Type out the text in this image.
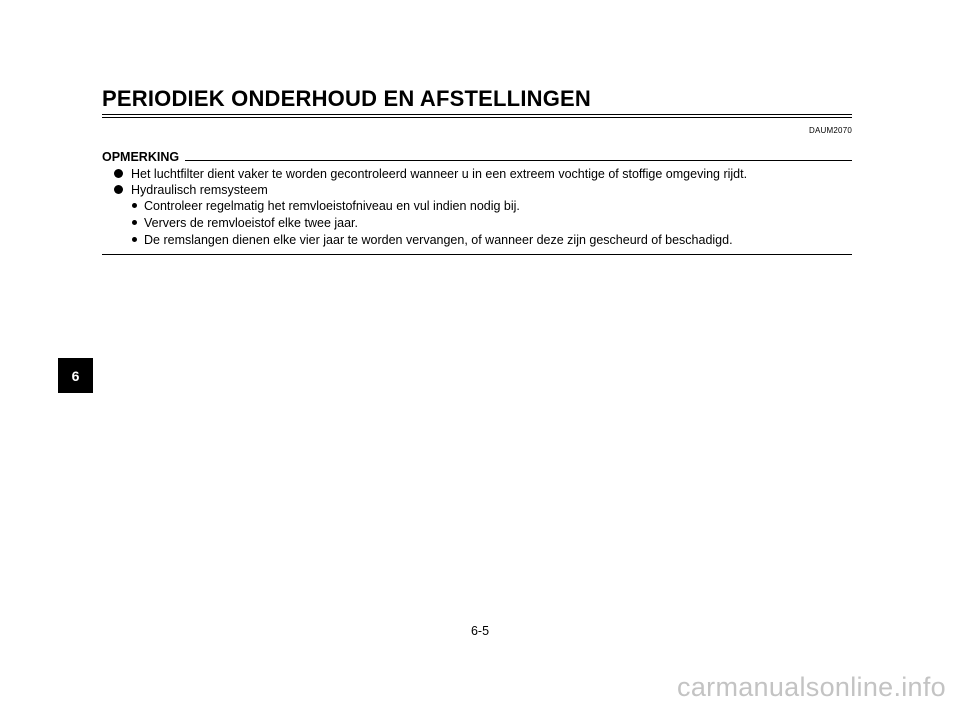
PERIODIEK ONDERHOUD EN AFSTELLINGEN
DAUM2070
OPMERKING
Het luchtfilter dient vaker te worden gecontroleerd wanneer u in een extreem vochtige of stoffige omgeving rijdt.
Hydraulisch remsysteem
Controleer regelmatig het remvloeistofniveau en vul indien nodig bij.
Ververs de remvloeistof elke twee jaar.
De remslangen dienen elke vier jaar te worden vervangen, of wanneer deze zijn gescheurd of beschadigd.
6
6-5
carmanualsonline.info
